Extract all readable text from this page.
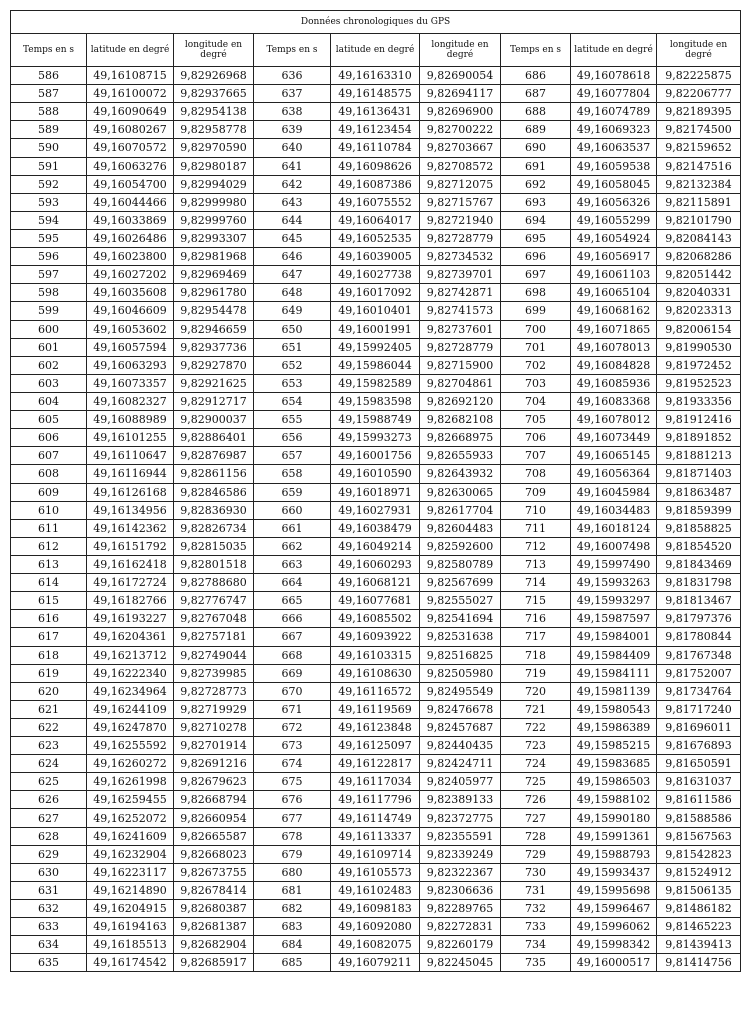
Données chronologiques du GPS								
Temps en s	latitude en degré	longitude en degré	Temps en s	latitude en degré	longitude en degré	Temps en s	latitude en degré	longitude en degré
586	49,16108715	9,82926968	636	49,16163310	9,82690054	686	49,16078618	9,82225875
587	49,16100072	9,82937665	637	49,16148575	9,82694117	687	49,16077804	9,82206777
588	49,16090649	9,82954138	638	49,16136431	9,82696900	688	49,16074789	9,82189395
589	49,16080267	9,82958778	639	49,16123454	9,82700222	689	49,16069323	9,82174500
590	49,16070572	9,82970590	640	49,16110784	9,82703667	690	49,16063537	9,82159652
591	49,16063276	9,82980187	641	49,16098626	9,82708572	691	49,16059538	9,82147516
592	49,16054700	9,82994029	642	49,16087386	9,82712075	692	49,16058045	9,82132384
593	49,16044466	9,82999980	643	49,16075552	9,82715767	693	49,16056326	9,82115891
594	49,16033869	9,82999760	644	49,16064017	9,82721940	694	49,16055299	9,82101790
595	49,16026486	9,82993307	645	49,16052535	9,82728779	695	49,16054924	9,82084143
596	49,16023800	9,82981968	646	49,16039005	9,82734532	696	49,16056917	9,82068286
597	49,16027202	9,82969469	647	49,16027738	9,82739701	697	49,16061103	9,82051442
598	49,16035608	9,82961780	648	49,16017092	9,82742871	698	49,16065104	9,82040331
599	49,16046609	9,82954478	649	49,16010401	9,82741573	699	49,16068162	9,82023313
600	49,16053602	9,82946659	650	49,16001991	9,82737601	700	49,16071865	9,82006154
601	49,16057594	9,82937736	651	49,15992405	9,82728779	701	49,16078013	9,81990530
602	49,16063293	9,82927870	652	49,15986044	9,82715900	702	49,16084828	9,81972452
603	49,16073357	9,82921625	653	49,15982589	9,82704861	703	49,16085936	9,81952523
604	49,16082327	9,82912717	654	49,15983598	9,82692120	704	49,16083368	9,81933356
605	49,16088989	9,82900037	655	49,15988749	9,82682108	705	49,16078012	9,81912416
606	49,16101255	9,82886401	656	49,15993273	9,82668975	706	49,16073449	9,81891852
607	49,16110647	9,82876987	657	49,16001756	9,82655933	707	49,16065145	9,81881213
608	49,16116944	9,82861156	658	49,16010590	9,82643932	708	49,16056364	9,81871403
609	49,16126168	9,82846586	659	49,16018971	9,82630065	709	49,16045984	9,81863487
610	49,16134956	9,82836930	660	49,16027931	9,82617704	710	49,16034483	9,81859399
611	49,16142362	9,82826734	661	49,16038479	9,82604483	711	49,16018124	9,81858825
612	49,16151792	9,82815035	662	49,16049214	9,82592600	712	49,16007498	9,81854520
613	49,16162418	9,82801518	663	49,16060293	9,82580789	713	49,15997490	9,81843469
614	49,16172724	9,82788680	664	49,16068121	9,82567699	714	49,15993263	9,81831798
615	49,16182766	9,82776747	665	49,16077681	9,82555027	715	49,15993297	9,81813467
616	49,16193227	9,82767048	666	49,16085502	9,82541694	716	49,15987597	9,81797376
617	49,16204361	9,82757181	667	49,16093922	9,82531638	717	49,15984001	9,81780844
618	49,16213712	9,82749044	668	49,16103315	9,82516825	718	49,15984409	9,81767348
619	49,16222340	9,82739985	669	49,16108630	9,82505980	719	49,15984111	9,81752007
620	49,16234964	9,82728773	670	49,16116572	9,82495549	720	49,15981139	9,81734764
621	49,16244109	9,82719929	671	49,16119569	9,82476678	721	49,15980543	9,81717240
622	49,16247870	9,82710278	672	49,16123848	9,82457687	722	49,15986389	9,81696011
623	49,16255592	9,82701914	673	49,16125097	9,82440435	723	49,15985215	9,81676893
624	49,16260272	9,82691216	674	49,16122817	9,82424711	724	49,15983685	9,81650591
625	49,16261998	9,82679623	675	49,16117034	9,82405977	725	49,15986503	9,81631037
626	49,16259455	9,82668794	676	49,16117796	9,82389133	726	49,15988102	9,81611586
627	49,16252072	9,82660954	677	49,16114749	9,82372775	727	49,15990180	9,81588586
628	49,16241609	9,82665587	678	49,16113337	9,82355591	728	49,15991361	9,81567563
629	49,16232904	9,82668023	679	49,16109714	9,82339249	729	49,15988793	9,81542823
630	49,16223117	9,82673755	680	49,16105573	9,82322367	730	49,15993437	9,81524912
631	49,16214890	9,82678414	681	49,16102483	9,82306636	731	49,15995698	9,81506135
632	49,16204915	9,82680387	682	49,16098183	9,82289765	732	49,15996467	9,81486182
633	49,16194163	9,82681387	683	49,16092080	9,82272831	733	49,15996062	9,81465223
634	49,16185513	9,82682904	684	49,16082075	9,82260179	734	49,15998342	9,81439413
635	49,16174542	9,82685917	685	49,16079211	9,82245045	735	49,16000517	9,81414756
